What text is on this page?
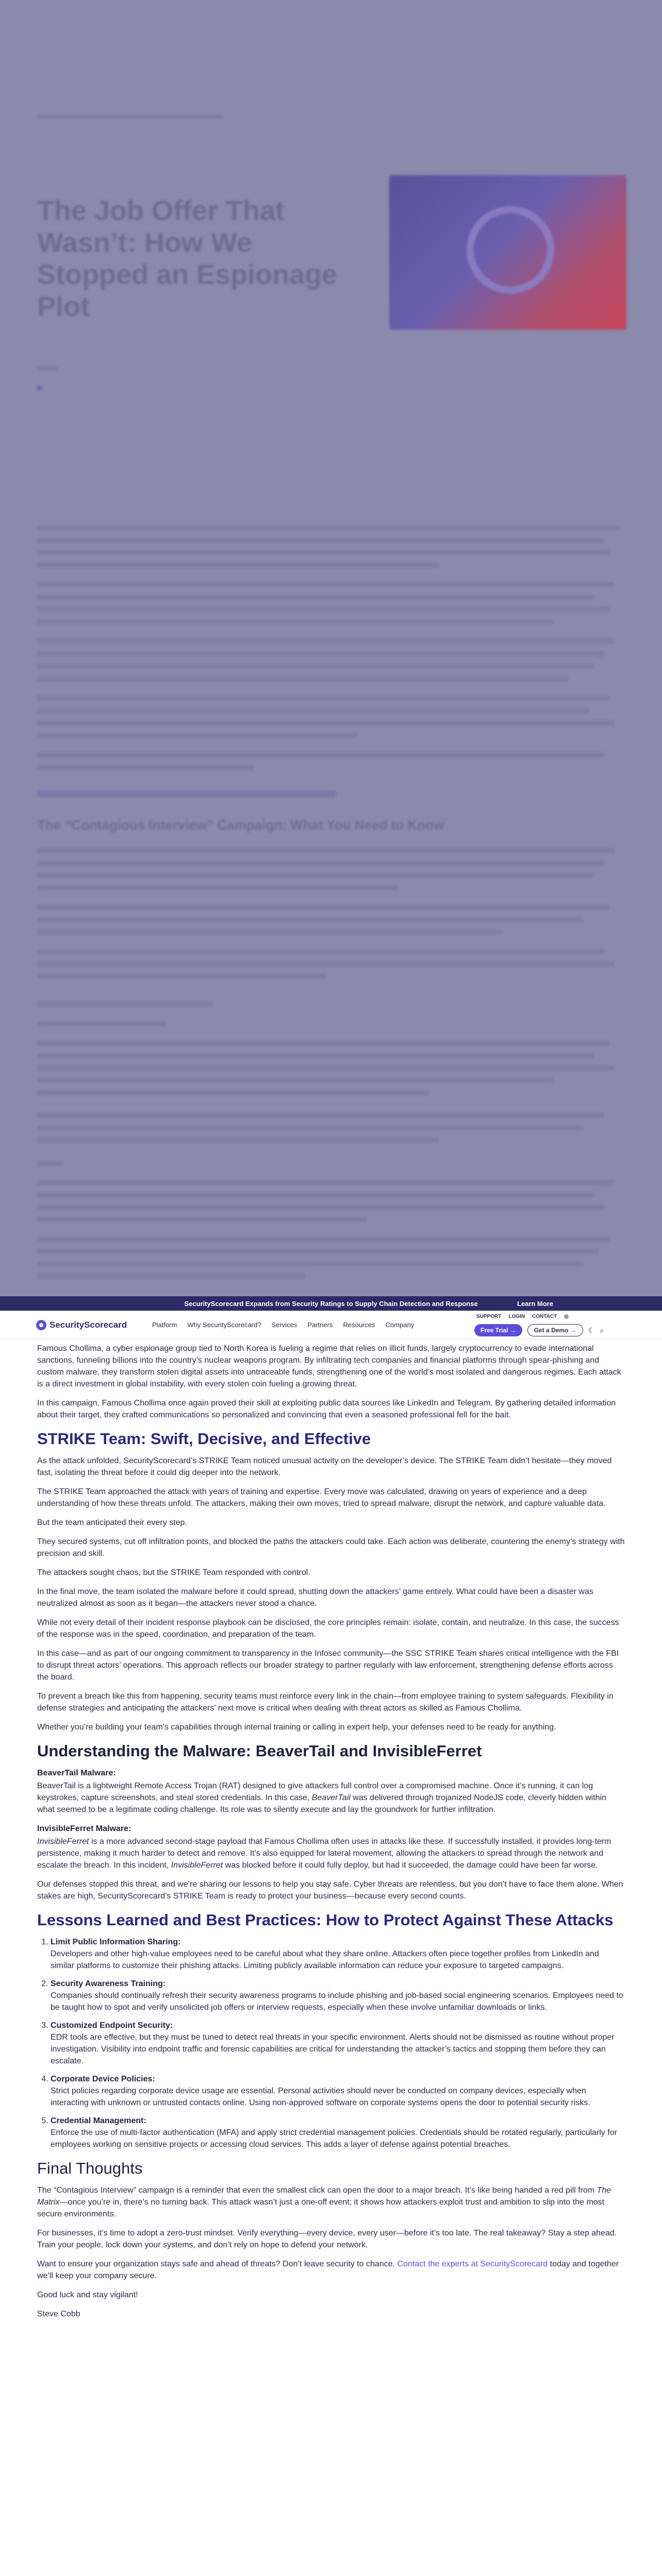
The Job Offer That Wasn’t: How We Stopped an Espionage Plot
The “Contagious Interview” Campaign: What You Need to Know
SecurityScorecard Expands from Security Ratings to Supply Chain Detection and Response	Learn More
SecurityScorecard	Platform Why SecurityScorecard? Services Partners Resources Company
SUPPORT LOGIN CONTACT ◎
Free Trial →	Get a Demo →	☾ ⌕

Famous Chollima, a cyber espionage group tied to North Korea is fueling a regime that relies on illicit funds, largely cryptocurrency to evade international sanctions, funneling billions into the country’s nuclear weapons program. By infiltrating tech companies and financial platforms through spear-phishing and custom malware, they transform stolen digital assets into untraceable funds, strengthening one of the world’s most isolated and dangerous regimes. Each attack is a direct investment in global instability, with every stolen coin fueling a growing threat.

In this campaign, Famous Chollima once again proved their skill at exploiting public data sources like LinkedIn and Telegram. By gathering detailed information about their target, they crafted communications so personalized and convincing that even a seasoned professional fell for the bait.

STRIKE Team: Swift, Decisive, and Effective

As the attack unfolded, SecurityScorecard’s STRIKE Team noticed unusual activity on the developer’s device. The STRIKE Team didn’t hesitate—they moved fast, isolating the threat before it could dig deeper into the network.

The STRIKE Team approached the attack with years of training and expertise. Every move was calculated, drawing on years of experience and a deep understanding of how these threats unfold. The attackers, making their own moves, tried to spread malware, disrupt the network, and capture valuable data.

But the team anticipated their every step.

They secured systems, cut off infiltration points, and blocked the paths the attackers could take. Each action was deliberate, countering the enemy’s strategy with precision and skill.

The attackers sought chaos, but the STRIKE Team responded with control.

In the final move, the team isolated the malware before it could spread, shutting down the attackers’ game entirely. What could have been a disaster was neutralized almost as soon as it began—the attackers never stood a chance.

While not every detail of their incident response playbook can be disclosed, the core principles remain: isolate, contain, and neutralize. In this case, the success of the response was in the speed, coordination, and preparation of the team.

In this case—and as part of our ongoing commitment to transparency in the Infosec community—the SSC STRIKE Team shares critical intelligence with the FBI to disrupt threat actors’ operations. This approach reflects our broader strategy to partner regularly with law enforcement, strengthening defense efforts across the board.

To prevent a breach like this from happening, security teams must reinforce every link in the chain—from employee training to system safeguards. Flexibility in defense strategies and anticipating the attackers’ next move is critical when dealing with threat actors as skilled as Famous Chollima.

Whether you’re building your team’s capabilities through internal training or calling in expert help, your defenses need to be ready for anything.

Understanding the Malware: BeaverTail and InvisibleFerret

BeaverTail Malware:

BeaverTail is a lightweight Remote Access Trojan (RAT) designed to give attackers full control over a compromised machine. Once it’s running, it can log keystrokes, capture screenshots, and steal stored credentials. In this case, BeaverTail was delivered through trojanized NodeJS code, cleverly hidden within what seemed to be a legitimate coding challenge. Its role was to silently execute and lay the groundwork for further infiltration.

InvisibleFerret Malware:

InvisibleFerret is a more advanced second-stage payload that Famous Chollima often uses in attacks like these. If successfully installed, it provides long-term persistence, making it much harder to detect and remove. It’s also equipped for lateral movement, allowing the attackers to spread through the network and escalate the breach. In this incident, InvisibleFerret was blocked before it could fully deploy, but had it succeeded, the damage could have been far worse.

Our defenses stopped this threat, and we’re sharing our lessons to help you stay safe. Cyber threats are relentless, but you don’t have to face them alone. When stakes are high, SecurityScorecard’s STRIKE Team is ready to protect your business—because every second counts.

Lessons Learned and Best Practices: How to Protect Against These Attacks
1. Limit Public Information Sharing:
Developers and other high-value employees need to be careful about what they share online. Attackers often piece together profiles from LinkedIn and similar platforms to customize their phishing attacks. Limiting publicly available information can reduce your exposure to targeted campaigns.
2. Security Awareness Training:
Companies should continually refresh their security awareness programs to include phishing and job-based social engineering scenarios. Employees need to be taught how to spot and verify unsolicited job offers or interview requests, especially when these involve unfamiliar downloads or links.
3. Customized Endpoint Security:
EDR tools are effective, but they must be tuned to detect real threats in your specific environment. Alerts should not be dismissed as routine without proper investigation. Visibility into endpoint traffic and forensic capabilities are critical for understanding the attacker’s tactics and stopping them before they can escalate.
4. Corporate Device Policies:
Strict policies regarding corporate device usage are essential. Personal activities should never be conducted on company devices, especially when interacting with unknown or untrusted contacts online. Using non-approved software on corporate systems opens the door to potential security risks.
5. Credential Management:
Enforce the use of multi-factor authentication (MFA) and apply strict credential management policies. Credentials should be rotated regularly, particularly for employees working on sensitive projects or accessing cloud services. This adds a layer of defense against potential breaches.
Final Thoughts

The “Contagious Interview” campaign is a reminder that even the smallest click can open the door to a major breach. It’s like being handed a red pill from The Matrix—once you’re in, there’s no turning back. This attack wasn’t just a one-off event; it shows how attackers exploit trust and ambition to slip into the most secure environments.

For businesses, it’s time to adopt a zero-trust mindset. Verify everything—every device, every user—before it’s too late. The real takeaway? Stay a step ahead. Train your people, lock down your systems, and don’t rely on hope to defend your network.

Want to ensure your organization stays safe and ahead of threats? Don’t leave security to chance. Contact the experts at SecurityScorecard today and together we’ll keep your company secure.

Good luck and stay vigilant!

Steve Cobb
